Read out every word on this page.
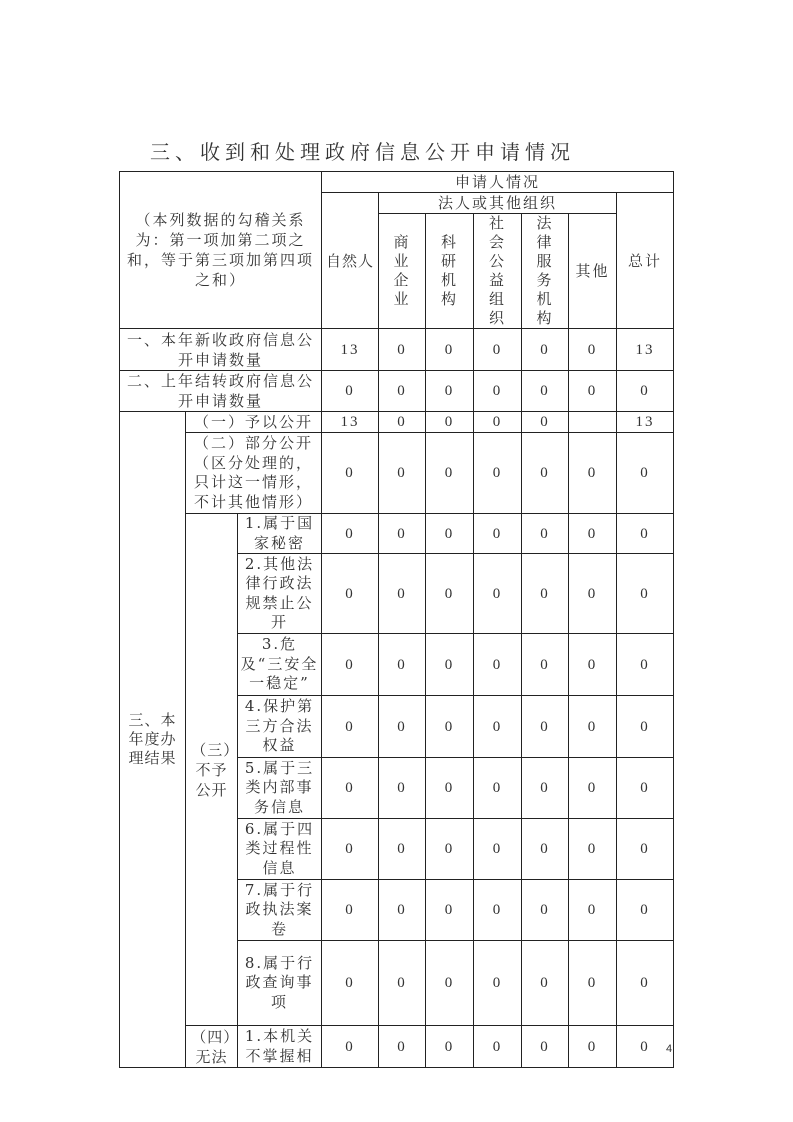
三、收到和处理政府信息公开申请情况
（本列数据的勾稽关系为：第一项加第二项之和，等于第三项加第四项之和）			申请人情况						
			自然人	法人或其他组织					总计

				商业企业	科研机构	社会公益组织	法律服务机构	其他	

一、本年新收政府信息公开申请数量			13	0	0	0	0	0	13

二、上年结转政府信息公开申请数量			0	0	0	0	0	0	0

三、本年度办理结果	（一）予以公开		13	0	0	0	0		13

	（二）部分公开（区分处理的，只计这一情形，不计其他情形）		0	0	0	0	0	0	0

	（三）不予公开	1.属于国家秘密	0	0	0	0	0	0	0

		2.其他法律行政法规禁止公开	0	0	0	0	0	0	0

		3.危及“三安全一稳定”	0	0	0	0	0	0	0

		4.保护第三方合法权益	0	0	0	0	0	0	0

		5.属于三类内部事务信息	0	0	0	0	0	0	0

		6.属于四类过程性信息	0	0	0	0	0	0	0

		7.属于行政执法案卷	0	0	0	0	0	0	0

		8.属于行政查询事项	0	0	0	0	0	0	0

	（四）无法	1.本机关不掌握相	0	0	0	0	0	0	0 4
